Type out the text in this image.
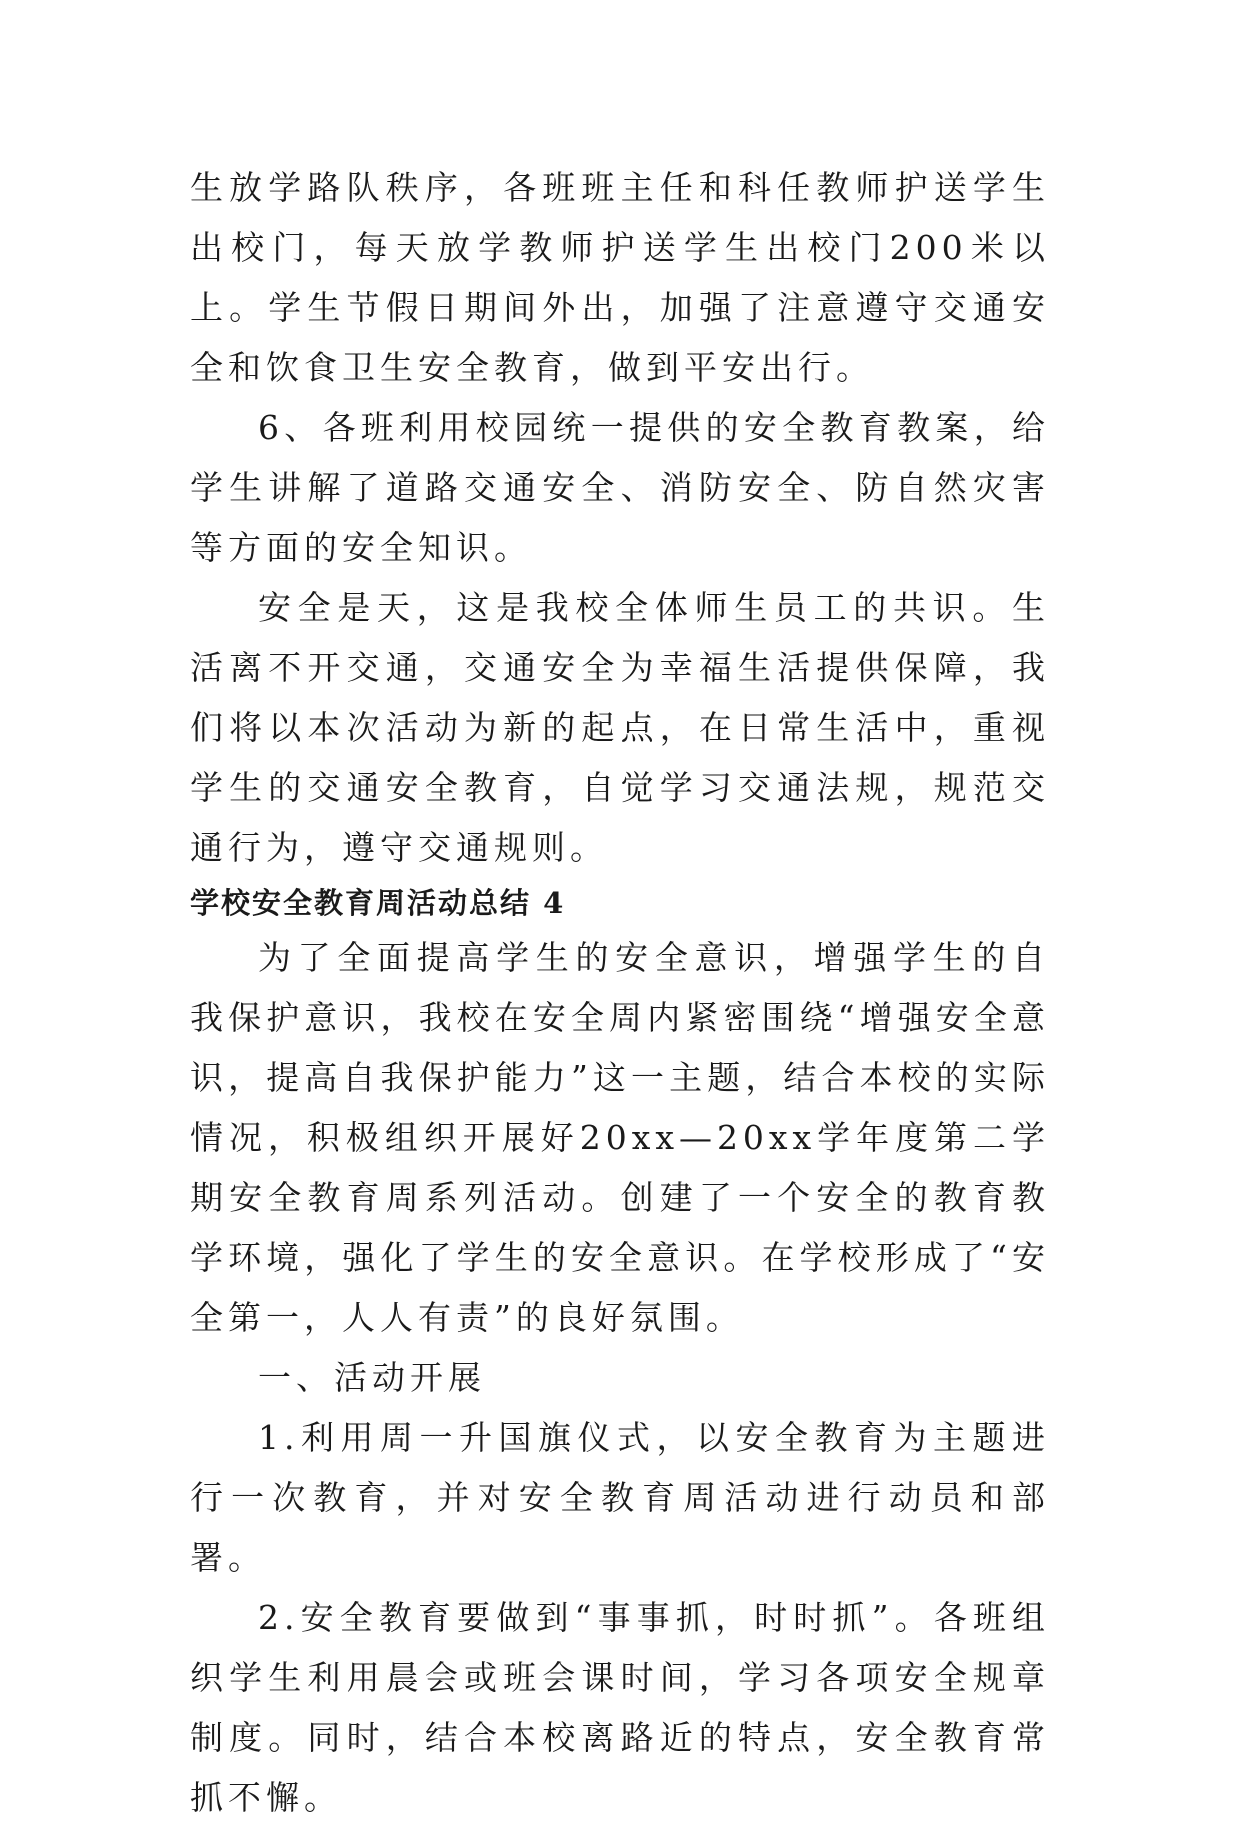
生放学路队秩序，各班班主任和科任教师护送学生出校门，每天放学教师护送学生出校门200米以上。学生节假日期间外出，加强了注意遵守交通安全和饮食卫生安全教育，做到平安出行。

6、各班利用校园统一提供的安全教育教案，给学生讲解了道路交通安全、消防安全、防自然灾害等方面的安全知识。

安全是天，这是我校全体师生员工的共识。生活离不开交通，交通安全为幸福生活提供保障，我们将以本次活动为新的起点，在日常生活中，重视学生的交通安全教育，自觉学习交通法规，规范交通行为，遵守交通规则。

学校安全教育周活动总结 4

为了全面提高学生的安全意识，增强学生的自我保护意识，我校在安全周内紧密围绕“增强安全意识，提高自我保护能力”这一主题，结合本校的实际情况，积极组织开展好20xx—20xx学年度第二学期安全教育周系列活动。创建了一个安全的教育教学环境，强化了学生的安全意识。在学校形成了“安全第一，人人有责”的良好氛围。

一、活动开展

1.利用周一升国旗仪式，以安全教育为主题进行一次教育，并对安全教育周活动进行动员和部署。

2.安全教育要做到“事事抓，时时抓”。各班组织学生利用晨会或班会课时间，学习各项安全规章制度。同时，结合本校离路近的特点，安全教育常抓不懈。
